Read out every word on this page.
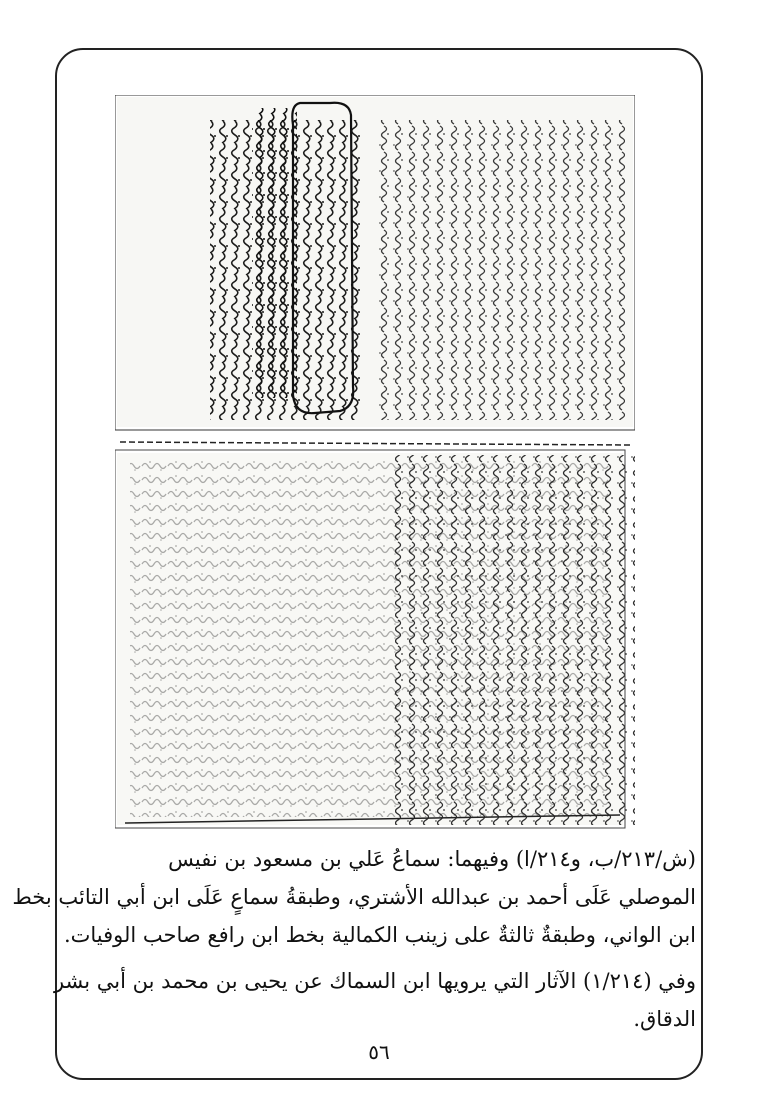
(ش/٢١٣/ب، و٢١٤/ا) وفيهما: سماعُ عَلي بن مسعود بن نفيس
الموصلي عَلَى أحمد بن عبدالله الأشتري، وطبقةُ سماعٍ عَلَى ابن أبي التائب بخط
ابن الواني، وطبقةٌ ثالثةٌ على زينب الكمالية بخط ابن رافع صاحب الوفيات.
وفي (١/٢١٤) الآثار التي يرويها ابن السماك عن يحيى بن محمد بن أبي بشر
الدقاق.
٥٦
